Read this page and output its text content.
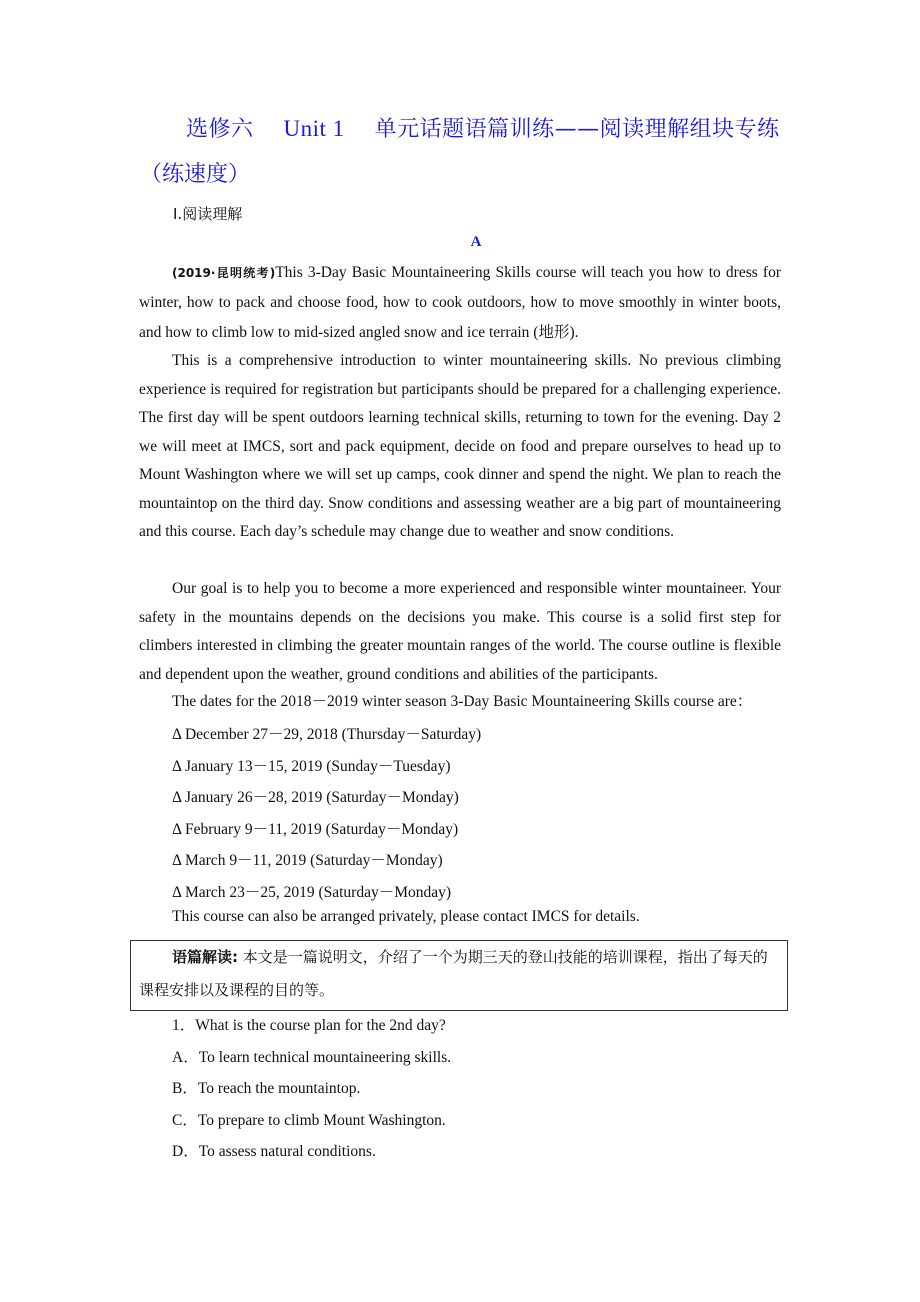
选修六 Unit 1 单元话题语篇训练——阅读理解组块专练
（练速度）
Ⅰ.阅读理解
A

(2019·昆明统考)This 3-Day Basic Mountaineering Skills course will teach you how to dress for winter, how to pack and choose food, how to cook outdoors, how to move smoothly in winter boots, and how to climb low to mid-sized angled snow and ice terrain (地形).

This is a comprehensive introduction to winter mountaineering skills. No previous climbing experience is required for registration but participants should be prepared for a challenging experience. The first day will be spent outdoors learning technical skills, returning to town for the evening. Day 2 we will meet at IMCS, sort and pack equipment, decide on food and prepare ourselves to head up to Mount Washington where we will set up camps, cook dinner and spend the night. We plan to reach the mountaintop on the third day. Snow conditions and assessing weather are a big part of mountaineering and this course. Each day’s schedule may change due to weather and snow conditions.

Our goal is to help you to become a more experienced and responsible winter mountaineer. Your safety in the mountains depends on the decisions you make. This course is a solid first step for climbers interested in climbing the greater mountain ranges of the world. The course outline is flexible and dependent upon the weather, ground conditions and abilities of the participants.

The dates for the 2018－2019 winter season 3-Day Basic Mountaineering Skills course are：

Δ December 27－29, 2018 (Thursday－Saturday)
Δ January 13－15, 2019 (Sunday－Tuesday)
Δ January 26－28, 2019 (Saturday－Monday)
Δ February 9－11, 2019 (Saturday－Monday)
Δ March 9－11, 2019 (Saturday－Monday)
Δ March 23－25, 2019 (Saturday－Monday)
This course can also be arranged privately, please contact IMCS for details.
语篇解读: 本文是一篇说明文，介绍了一个为期三天的登山技能的培训课程，指出了每天的课程安排以及课程的目的等。
1．What is the course plan for the 2nd day?
A．To learn technical mountaineering skills.
B．To reach the mountaintop.
C．To prepare to climb Mount Washington.
D．To assess natural conditions.
